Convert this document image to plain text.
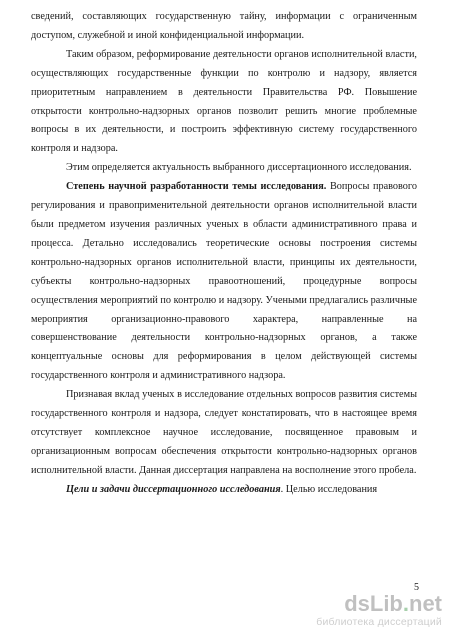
сведений, составляющих государственную тайну, информации с ограниченным доступом, служебной и иной конфиденциальной информации.

Таким образом, реформирование деятельности органов исполнительной власти, осуществляющих государственные функции по контролю и надзору, является приоритетным направлением в деятельности Правительства РФ. Повышение открытости контрольно-надзорных органов позволит решить многие проблемные вопросы в их деятельности, и построить эффективную систему государственного контроля и надзора.

Этим определяется актуальность выбранного диссертационного исследования.

Степень научной разработанности темы исследования. Вопросы правового регулирования и правоприменительной деятельности органов исполнительной власти были предметом изучения различных ученых в области административного права и процесса. Детально исследовались теоретические основы построения системы контрольно-надзорных органов исполнительной власти, принципы их деятельности, субъекты контрольно-надзорных правоотношений, процедурные вопросы осуществления мероприятий по контролю и надзору. Учеными предлагались различные мероприятия организационно-правового характера, направленные на совершенствование деятельности контрольно-надзорных органов, а также концептуальные основы для реформирования в целом действующей системы государственного контроля и административного надзора.

Признавая вклад ученых в исследование отдельных вопросов развития системы государственного контроля и надзора, следует констатировать, что в настоящее время отсутствует комплексное научное исследование, посвященное правовым и организационным вопросам обеспечения открытости контрольно-надзорных органов исполнительной власти. Данная диссертация направлена на восполнение этого пробела.

Цели и задачи диссертационного исследования. Целью исследования

5
dsLib.net
библиотека диссертаций
